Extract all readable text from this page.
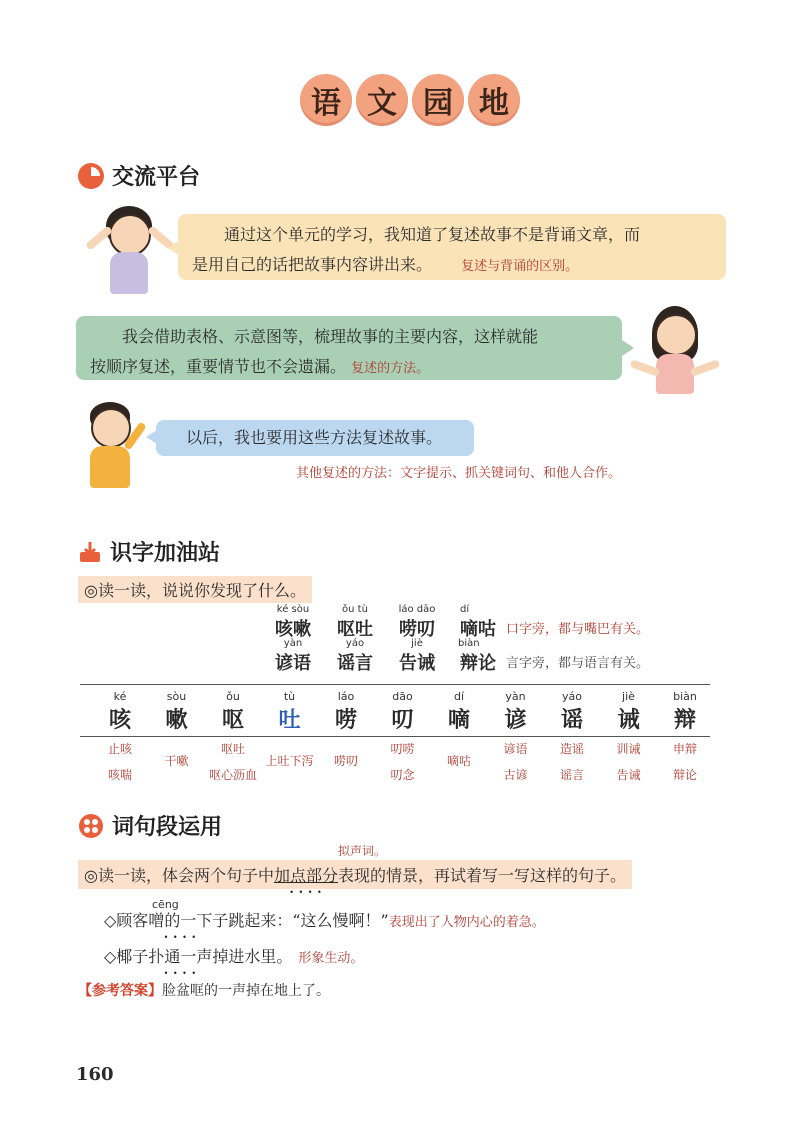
语 文 园 地
交流平台
通过这个单元的学习，我知道了复述故事不是背诵文章，而
是用自己的话把故事内容讲出来。 复述与背诵的区别。
我会借助表格、示意图等，梳理故事的主要内容，这样就能
按顺序复述，重要情节也不会遗漏。 复述的方法。
以后，我也要用这些方法复述故事。
其他复述的方法：文字提示、抓关键词句、和他人合作。
识字加油站
◎读一读，说说你发现了什么。
ké sòu
咳嗽
ǒu tù
呕吐
láo dāo
唠叨
dí
嘀咕 口字旁，都与嘴巴有关。
yàn
谚语
yáo
谣言
jiè
告诫
biàn
辩论 言字旁，都与语言有关。
ké
咳
sòu
嗽
ǒu
呕
tù
吐
láo
唠
dāo
叨
dí
嘀
yàn
谚
yáo
谣
jiè
诫
biàn
辩
止咳
咳喘
干嗽
呕吐
呕心沥血
上吐下泻	唠叨
叨唠
叨念
嘀咕
谚语
古谚
造谣
谣言
训诫
告诫
申辩
辩论
词句段运用
拟声词。
◎读一读，体会两个句子中加点部分 • • • •表现的情景，再试着写一写这样的句子。
cēng
◇顾客噌的一下 • • • •子跳起来：“这么慢啊！”表现出了人物内心的着急。
◇椰子扑通一声 • • • •掉进水里。 形象生动。
【参考答案】脸盆哐的一声掉在地上了。
160
